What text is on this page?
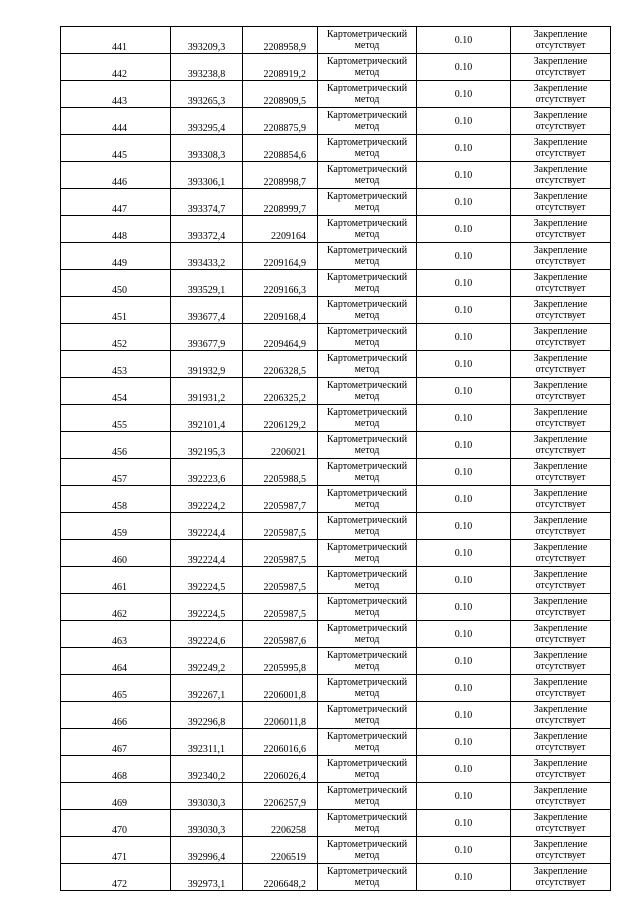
441	393209,3	2208958,9	Картометрический метод	0.10	Закрепление отсутствует
442	393238,8	2208919,2	Картометрический метод	0.10	Закрепление отсутствует
443	393265,3	2208909,5	Картометрический метод	0.10	Закрепление отсутствует
444	393295,4	2208875,9	Картометрический метод	0.10	Закрепление отсутствует
445	393308,3	2208854,6	Картометрический метод	0.10	Закрепление отсутствует
446	393306,1	2208998,7	Картометрический метод	0.10	Закрепление отсутствует
447	393374,7	2208999,7	Картометрический метод	0.10	Закрепление отсутствует
448	393372,4	2209164	Картометрический метод	0.10	Закрепление отсутствует
449	393433,2	2209164,9	Картометрический метод	0.10	Закрепление отсутствует
450	393529,1	2209166,3	Картометрический метод	0.10	Закрепление отсутствует
451	393677,4	2209168,4	Картометрический метод	0.10	Закрепление отсутствует
452	393677,9	2209464,9	Картометрический метод	0.10	Закрепление отсутствует
453	391932,9	2206328,5	Картометрический метод	0.10	Закрепление отсутствует
454	391931,2	2206325,2	Картометрический метод	0.10	Закрепление отсутствует
455	392101,4	2206129,2	Картометрический метод	0.10	Закрепление отсутствует
456	392195,3	2206021	Картометрический метод	0.10	Закрепление отсутствует
457	392223,6	2205988,5	Картометрический метод	0.10	Закрепление отсутствует
458	392224,2	2205987,7	Картометрический метод	0.10	Закрепление отсутствует
459	392224,4	2205987,5	Картометрический метод	0.10	Закрепление отсутствует
460	392224,4	2205987,5	Картометрический метод	0.10	Закрепление отсутствует
461	392224,5	2205987,5	Картометрический метод	0.10	Закрепление отсутствует
462	392224,5	2205987,5	Картометрический метод	0.10	Закрепление отсутствует
463	392224,6	2205987,6	Картометрический метод	0.10	Закрепление отсутствует
464	392249,2	2205995,8	Картометрический метод	0.10	Закрепление отсутствует
465	392267,1	2206001,8	Картометрический метод	0.10	Закрепление отсутствует
466	392296,8	2206011,8	Картометрический метод	0.10	Закрепление отсутствует
467	392311,1	2206016,6	Картометрический метод	0.10	Закрепление отсутствует
468	392340,2	2206026,4	Картометрический метод	0.10	Закрепление отсутствует
469	393030,3	2206257,9	Картометрический метод	0.10	Закрепление отсутствует
470	393030,3	2206258	Картометрический метод	0.10	Закрепление отсутствует
471	392996,4	2206519	Картометрический метод	0.10	Закрепление отсутствует
472	392973,1	2206648,2	Картометрический метод	0.10	Закрепление отсутствует
